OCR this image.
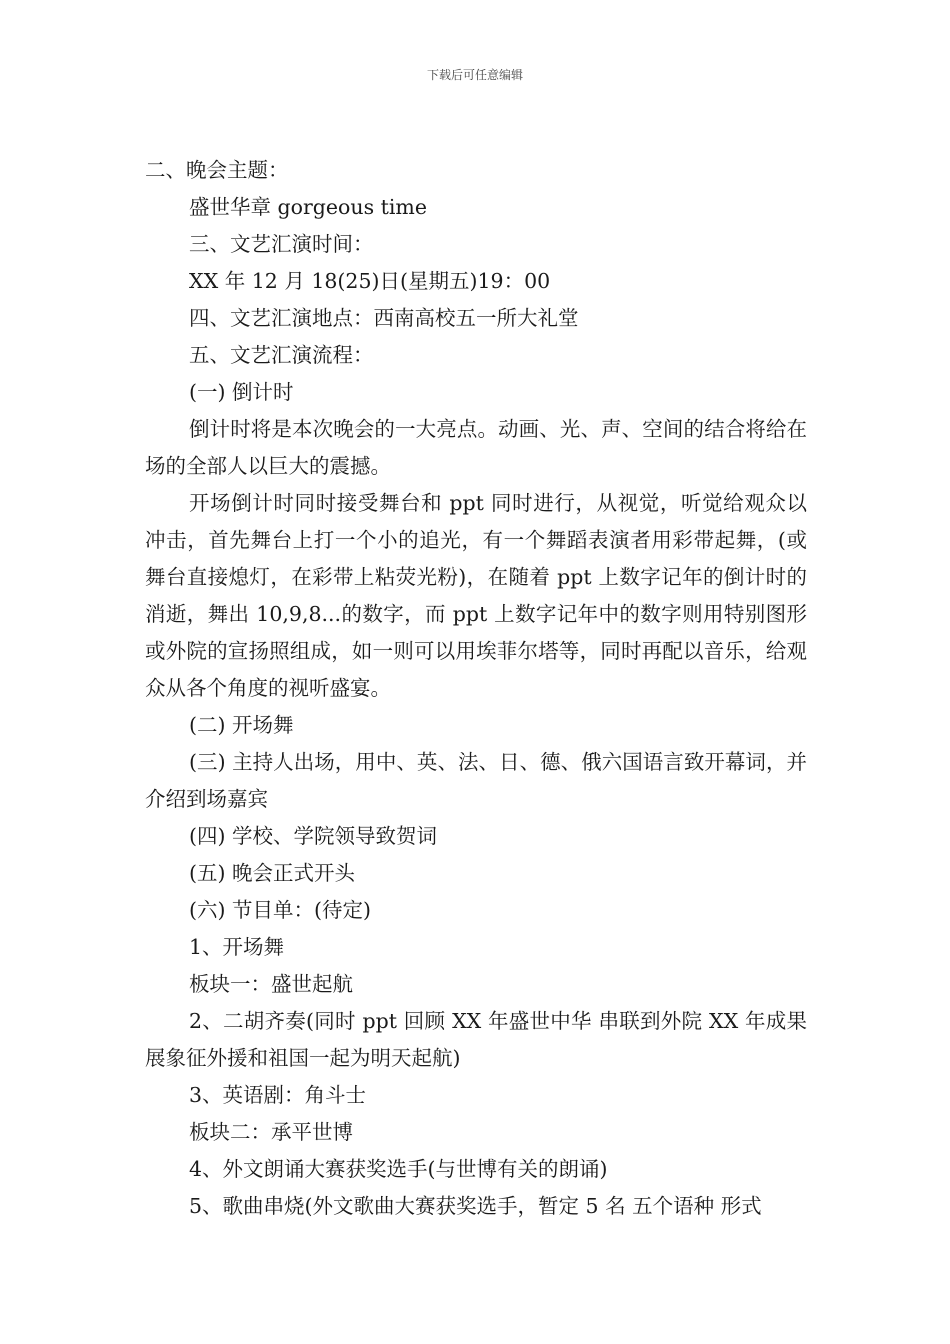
下载后可任意编辑

二、晚会主题：

盛世华章 gorgeous time

三、文艺汇演时间：

XX 年 12 月 18(25)日(星期五)19：00

四、文艺汇演地点：西南高校五一所大礼堂

五、文艺汇演流程：

(一) 倒计时

倒计时将是本次晚会的一大亮点。动画、光、声、空间的结合将给在场的全部人以巨大的震撼。

开场倒计时同时接受舞台和 ppt 同时进行，从视觉，听觉给观众以冲击，首先舞台上打一个小的追光，有一个舞蹈表演者用彩带起舞，(或舞台直接熄灯，在彩带上粘荧光粉)，在随着 ppt 上数字记年的倒计时的消逝，舞出 10,9,8...的数字，而 ppt 上数字记年中的数字则用特别图形或外院的宣扬照组成，如一则可以用埃菲尔塔等，同时再配以音乐，给观众从各个角度的视听盛宴。

(二) 开场舞

(三) 主持人出场，用中、英、法、日、德、俄六国语言致开幕词，并介绍到场嘉宾

(四) 学校、学院领导致贺词

(五) 晚会正式开头

(六) 节目单：(待定)

1、开场舞

板块一：盛世起航

2、二胡齐奏(同时 ppt 回顾 XX 年盛世中华 串联到外院 XX 年成果展象征外援和祖国一起为明天起航)

3、英语剧：角斗士

板块二：承平世博

4、外文朗诵大赛获奖选手(与世博有关的朗诵)

5、歌曲串烧(外文歌曲大赛获奖选手，暂定 5 名 五个语种 形式
